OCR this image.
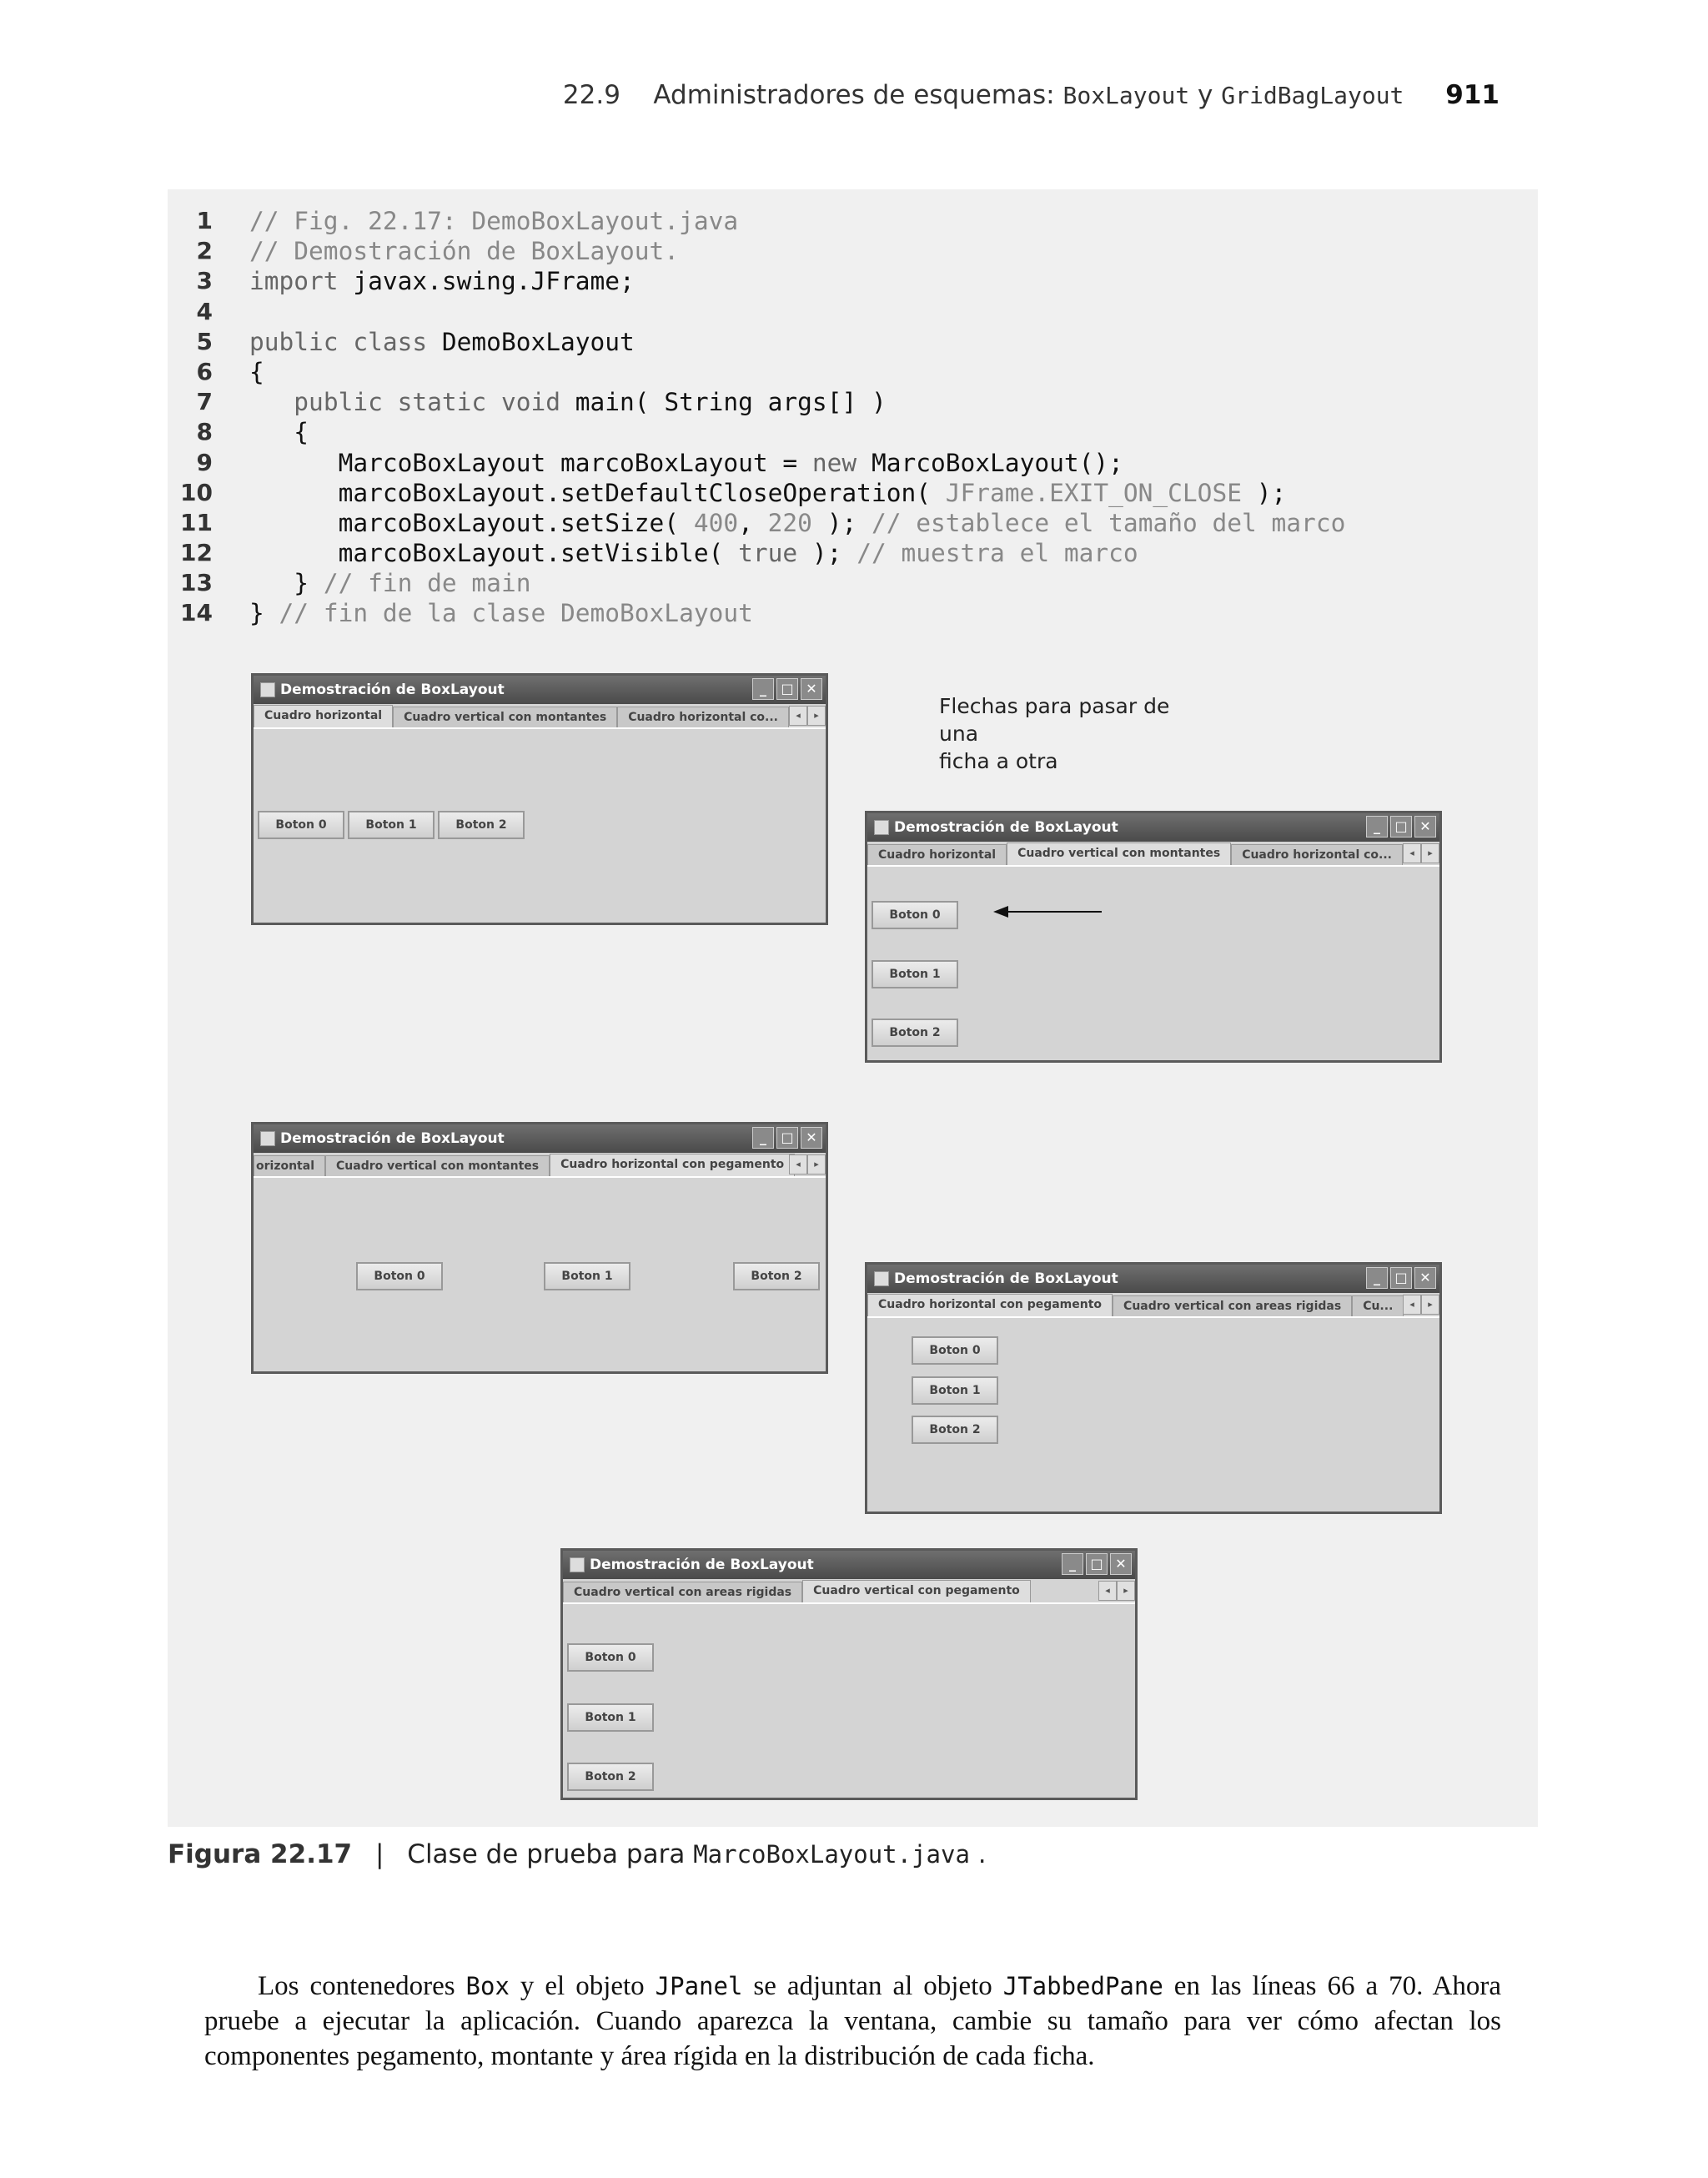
22.9 Administradores de esquemas: BoxLayout y GridBagLayout 911
1	// Fig. 22.17: DemoBoxLayout.java
2	// Demostración de BoxLayout.
3	import javax.swing.JFrame;
4
5	public class DemoBoxLayout
6	{
7	public static void main( String args[] )
8	{
9	MarcoBoxLayout marcoBoxLayout = new MarcoBoxLayout();
10	marcoBoxLayout.setDefaultCloseOperation( JFrame.EXIT_ON_CLOSE );
11	marcoBoxLayout.setSize( 400, 220 ); // establece el tamaño del marco
12	marcoBoxLayout.setVisible( true ); // muestra el marco
13	} // fin de main
14	} // fin de la clase DemoBoxLayout
Demostración de BoxLayout	_	□ ✕
Cuadro horizontal	Cuadro vertical con montantes	Cuadro horizontal co...	◂	▸
Boton 0	Boton 1	Boton 2	Demostración de BoxLayout	_	□ ✕
Cuadro horizontal	Cuadro vertical con montantes	Cuadro horizontal co...	◂	▸
Boton 0
Boton 1
Boton 2
Demostración de BoxLayout	_	□ ✕
orizontal	Cuadro vertical con montantes	Cuadro horizontal con pegamento	◂	▸
Boton 0	Boton 1	Boton 2	Demostración de BoxLayout	_	□ ✕
Cuadro horizontal con pegamento	Cuadro vertical con areas rigidas	Cu...	◂	▸
Boton 0
Boton 1
Boton 2
Demostración de BoxLayout	_	□ ✕
Cuadro vertical con areas rigidas	Cuadro vertical con pegamento	◂	▸
Boton 0
Boton 1
Boton 2
Flechas para pasar de una
ficha a otra
Figura 22.17 | Clase de prueba para MarcoBoxLayout.java .

Los contenedores Box y el objeto JPanel se adjuntan al objeto JTabbedPane en las líneas 66 a 70. Ahora pruebe a ejecutar la aplicación. Cuando aparezca la ventana, cambie su tamaño para ver cómo afectan los componentes pegamento, montante y área rígida en la distribución de cada ficha.
